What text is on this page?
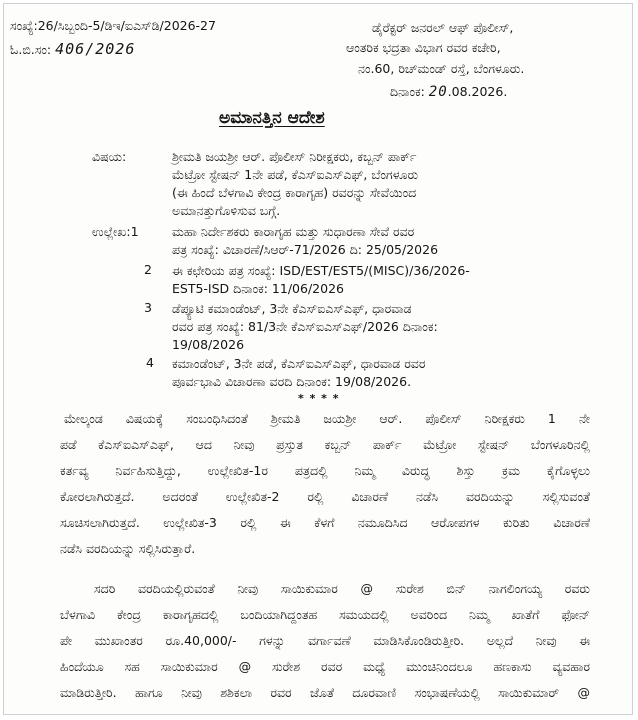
ಸಂಖ್ಯೆ:26/ಸಿಬ್ಬಂದಿ-5/ಡಿಇ/ಐಎಸ್‌ಡಿ/2026-27
ಓ.ಬಿ.ಸಂ: 406/2026
ಡೈರೆಕ್ಟರ್ ಜನರಲ್ ಆಫ್ ಪೊಲೀಸ್,
ಆಂತರಿಕ ಭದ್ರತಾ ವಿಭಾಗ ರವರ ಕಚೇರಿ,
ನಂ.60, ರಿಚ್‌ಮಂಡ್ ರಸ್ತೆ, ಬೆಂಗಳೂರು.
ದಿನಾಂಕ: 20.08.2026.
ಅಮಾನತ್ತಿನ ಆದೇಶ
ವಿಷಯ:	ಶ್ರೀಮತಿ ಜಯಶ್ರೀ ಆರ್. ಪೊಲೀಸ್ ನಿರೀಕ್ಷಕರು, ಕಬ್ಬನ್ ಪಾರ್ಕ್
ಮೆಟ್ರೋ ಸ್ಟೇಷನ್ 1ನೇ ಪಡೆ, ಕೆಎಸ್ಐಎಸ್‌ಎಫ್, ಬೆಂಗಳೂರು
(ಈ ಹಿಂದೆ ಬೆಳಗಾವಿ ಕೇಂದ್ರ ಕಾರಾಗೃಹ) ರವರನ್ನು ಸೇವೆಯಿಂದ
ಅಮಾನತ್ತುಗೊಳಿಸುವ ಬಗ್ಗೆ.
ಉಲ್ಲೇಖ:1	ಮಹಾ ನಿರ್ದೇಶಕರು ಕಾರಾಗೃಹ ಮತ್ತು ಸುಧಾರಣಾ ಸೇವೆ ರವರ
ಪತ್ರ ಸಂಖ್ಯೆ: ವಿಚಾರಣೆ/ಸಿಆರ್-71/2026 ದಿ: 25/05/2026
2 ಈ ಕಛೇರಿಯ ಪತ್ರ ಸಂಖ್ಯೆ: ISD/EST/EST5/(MISC)/36/2026-
EST5-ISD ದಿನಾಂಕ: 11/06/2026
3 ಡೆಪ್ಯೂಟಿ ಕಮಾಂಡೆಂಟ್, 3ನೇ ಕೆಎಸ್‌ಐಎಸ್‌ಎಫ್, ಧಾರವಾಡ
ರವರ ಪತ್ರ ಸಂಖ್ಯೆ: 81/3ನೇ ಕೆಎಸ್‌ಐಎಸ್‌ಎಫ್/2026 ದಿನಾಂಕ:
19/08/2026
4 ಕಮಾಂಡೆಂಟ್, 3ನೇ ಪಡೆ, ಕೆಎಸ್ಐಎಸ್‌ಎಫ್, ಧಾರವಾಡ ರವರ
ಪೂರ್ವಭಾವಿ ವಿಚಾರಣಾ ವರದಿ ದಿನಾಂಕ: 19/08/2026.
* * * *
ಮೇಲ್ಕಂಡ ವಿಷಯಕ್ಕೆ ಸಂಬಂಧಿಸಿದಂತೆ ಶ್ರೀಮತಿ ಜಯಶ್ರೀ ಆರ್. ಪೊಲೀಸ್ ನಿರೀಕ್ಷಕರು 1 ನೇ
ಪಡೆ ಕೆಎಸ್‌ಐಎಸ್‌ಎಫ್, ಆದ ನೀವು ಪ್ರಸ್ತುತ ಕಬ್ಬನ್ ಪಾರ್ಕ್ ಮೆಟ್ರೋ ಸ್ಟೇಷನ್ ಬೆಂಗಳೂರಿನಲ್ಲಿ
ಕರ್ತವ್ಯ ನಿರ್ವಹಿಸುತ್ತಿದ್ದು, ಉಲ್ಲೇಖಿತ-1ರ ಪತ್ರದಲ್ಲಿ ನಿಮ್ಮ ವಿರುದ್ಧ ಶಿಸ್ತು ಕ್ರಮ ಕೈಗೊಳ್ಳಲು
ಕೋರಲಾಗಿರುತ್ತದೆ. ಅದರಂತೆ ಉಲ್ಲೇಖಿತ-2 ರಲ್ಲಿ ವಿಚಾರಣೆ ನಡೆಸಿ ವರದಿಯನ್ನು ಸಲ್ಲಿಸುವಂತೆ
ಸೂಚಿಸಲಾಗಿರುತ್ತದೆ. ಉಲ್ಲೇಖಿತ-3 ರಲ್ಲಿ ಈ ಕೆಳಗೆ ನಮೂದಿಸಿದ ಆರೋಪಗಳ ಕುರಿತು ವಿಚಾರಣೆ
ನಡೆಸಿ ವರದಿಯನ್ನು ಸಲ್ಲಿಸಿರುತ್ತಾರೆ.
ಸದರಿ ವರದಿಯಲ್ಲಿರುವಂತೆ ನೀವು ಸಾಯಿಕುಮಾರ @ ಸುರೇಶ ಬಿನ್ ನಾಗಲಿಂಗಯ್ಯ ರವರು
ಬೆಳಗಾವಿ ಕೇಂದ್ರ ಕಾರಾಗೃಹದಲ್ಲಿ ಬಂದಿಯಾಗಿದ್ದಂತಹ ಸಮಯದಲ್ಲಿ ಅವರಿಂದ ನಿಮ್ಮ ಖಾತೆಗೆ ಫೋನ್
ಪೇ ಮುಖಾಂತರ ರೂ.40,000/- ಗಳನ್ನು ವರ್ಗಾವಣೆ ಮಾಡಿಸಿಕೊಂಡಿರುತ್ತೀರಿ. ಅಲ್ಲದೆ ನೀವು ಈ
ಹಿಂದೆಯೂ ಸಹ ಸಾಯಿಕುಮಾರ @ ಸುರೇಶ ರವರ ಮಧ್ಯೆ ಮುಂಚಿನಿಂದಲೂ ಹಣಕಾಸು ವ್ಯವಹಾರ
ಮಾಡಿರುತ್ತೀರಿ. ಹಾಗೂ ನೀವು ಶಶಿಕಲಾ ರವರ ಜೊತೆ ದೂರವಾಣಿ ಸಂಭಾಷಣೆಯಲ್ಲಿ ಸಾಯಿಕುಮಾರ್ @
